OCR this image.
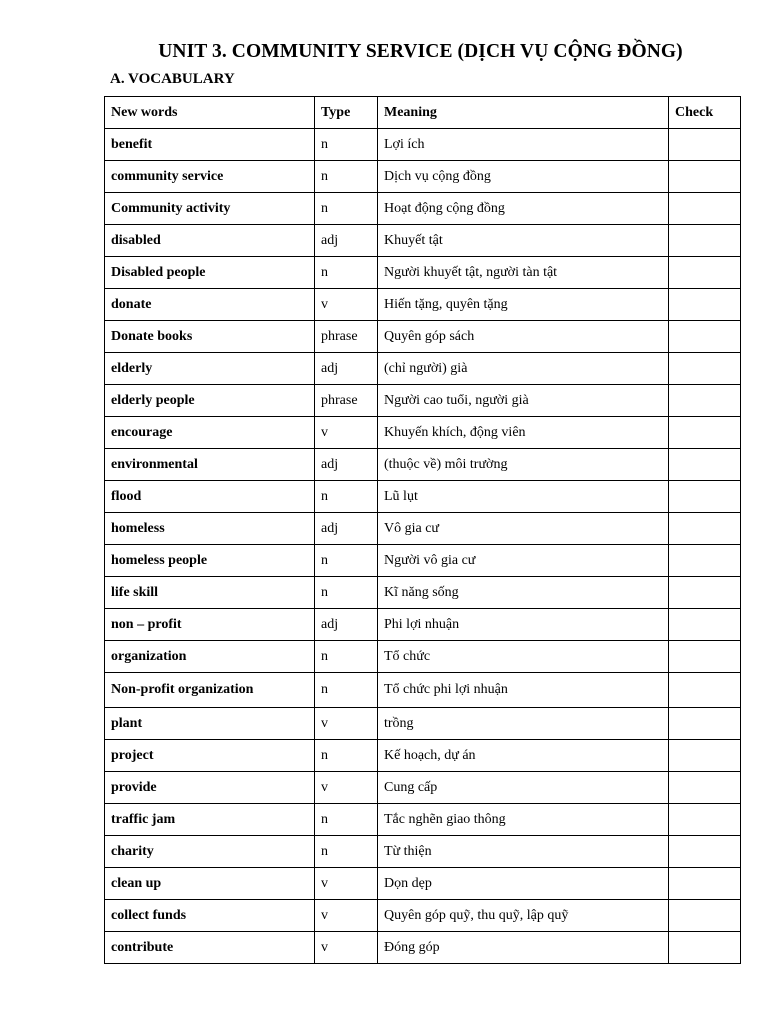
UNIT 3. COMMUNITY SERVICE (DỊCH VỤ CỘNG ĐỒNG)
A. VOCABULARY
New words	Type	Meaning	Check
benefit	n	Lợi ích	
community service	n	Dịch vụ cộng đồng	
Community activity	n	Hoạt động cộng đồng	
disabled	adj	Khuyết tật	
Disabled people	n	Người khuyết tật, người tàn tật	
donate	v	Hiến tặng, quyên tặng	
Donate books	phrase	Quyên góp sách	
elderly	adj	(chỉ người) già	
elderly people	phrase	Người cao tuổi, người già	
encourage	v	Khuyến khích, động viên	
environmental	adj	(thuộc về) môi trường	
flood	n	Lũ lụt	
homeless	adj	Vô gia cư	
homeless people	n	Người vô gia cư	
life skill	n	Kĩ năng sống	
non – profit	adj	Phi lợi nhuận	
organization	n	Tổ chức	
Non-profit organization	n	Tổ chức phi lợi nhuận	
plant	v	trồng	
project	n	Kế hoạch, dự án	
provide	v	Cung cấp	
traffic jam	n	Tắc nghẽn giao thông	
charity	n	Từ thiện	
clean up	v	Dọn dẹp	
collect funds	v	Quyên góp quỹ, thu quỹ, lập quỹ	
contribute	v	Đóng góp	
